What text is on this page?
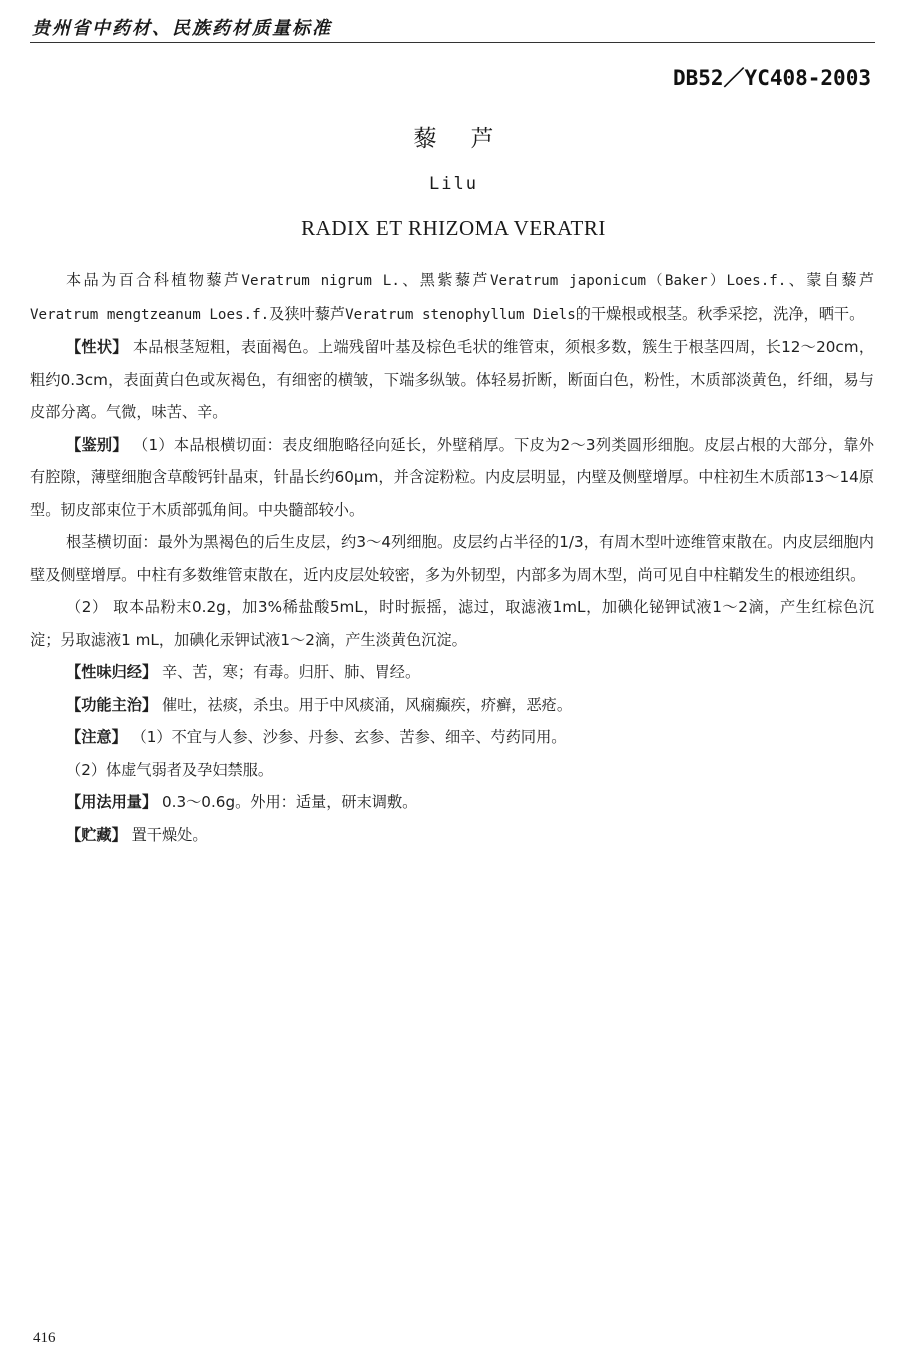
贵州省中药材、民族药材质量标准
DB52／YC408-2003
藜芦
Lilu
RADIX ET RHIZOMA VERATRI

本品为百合科植物藜芦Veratrum nigrum L.、黑紫藜芦Veratrum japonicum（Baker）Loes.f.、蒙自藜芦Veratrum mengtzeanum Loes.f.及狭叶藜芦Veratrum stenophyllum Diels的干燥根或根茎。秋季采挖，洗净，晒干。

【性状】 本品根茎短粗，表面褐色。上端残留叶基及棕色毛状的维管束，须根多数，簇生于根茎四周，长12～20cm，粗约0.3cm，表面黄白色或灰褐色，有细密的横皱，下端多纵皱。体轻易折断，断面白色，粉性，木质部淡黄色，纤细，易与皮部分离。气微，味苦、辛。

【鉴别】 （1）本品根横切面：表皮细胞略径向延长，外壁稍厚。下皮为2～3列类圆形细胞。皮层占根的大部分，靠外有腔隙，薄壁细胞含草酸钙针晶束，针晶长约60μm，并含淀粉粒。内皮层明显，内壁及侧壁增厚。中柱初生木质部13～14原型。韧皮部束位于木质部弧角间。中央髓部较小。

根茎横切面：最外为黑褐色的后生皮层，约3～4列细胞。皮层约占半径的1/3，有周木型叶迹维管束散在。内皮层细胞内壁及侧壁增厚。中柱有多数维管束散在，近内皮层处较密，多为外韧型，内部多为周木型，尚可见自中柱鞘发生的根迹组织。

（2） 取本品粉末0.2g，加3%稀盐酸5mL，时时振摇，滤过，取滤液1mL，加碘化铋钾试液1～2滴，产生红棕色沉淀；另取滤液1 mL，加碘化汞钾试液1～2滴，产生淡黄色沉淀。

【性味归经】 辛、苦，寒；有毒。归肝、肺、胃经。

【功能主治】 催吐，祛痰，杀虫。用于中风痰涌，风痫癫疾，疥癣，恶疮。

【注意】 （1）不宜与人参、沙参、丹参、玄参、苦参、细辛、芍药同用。

（2）体虚气弱者及孕妇禁服。

【用法用量】 0.3～0.6g。外用：适量，研末调敷。

【贮藏】 置干燥处。

416
